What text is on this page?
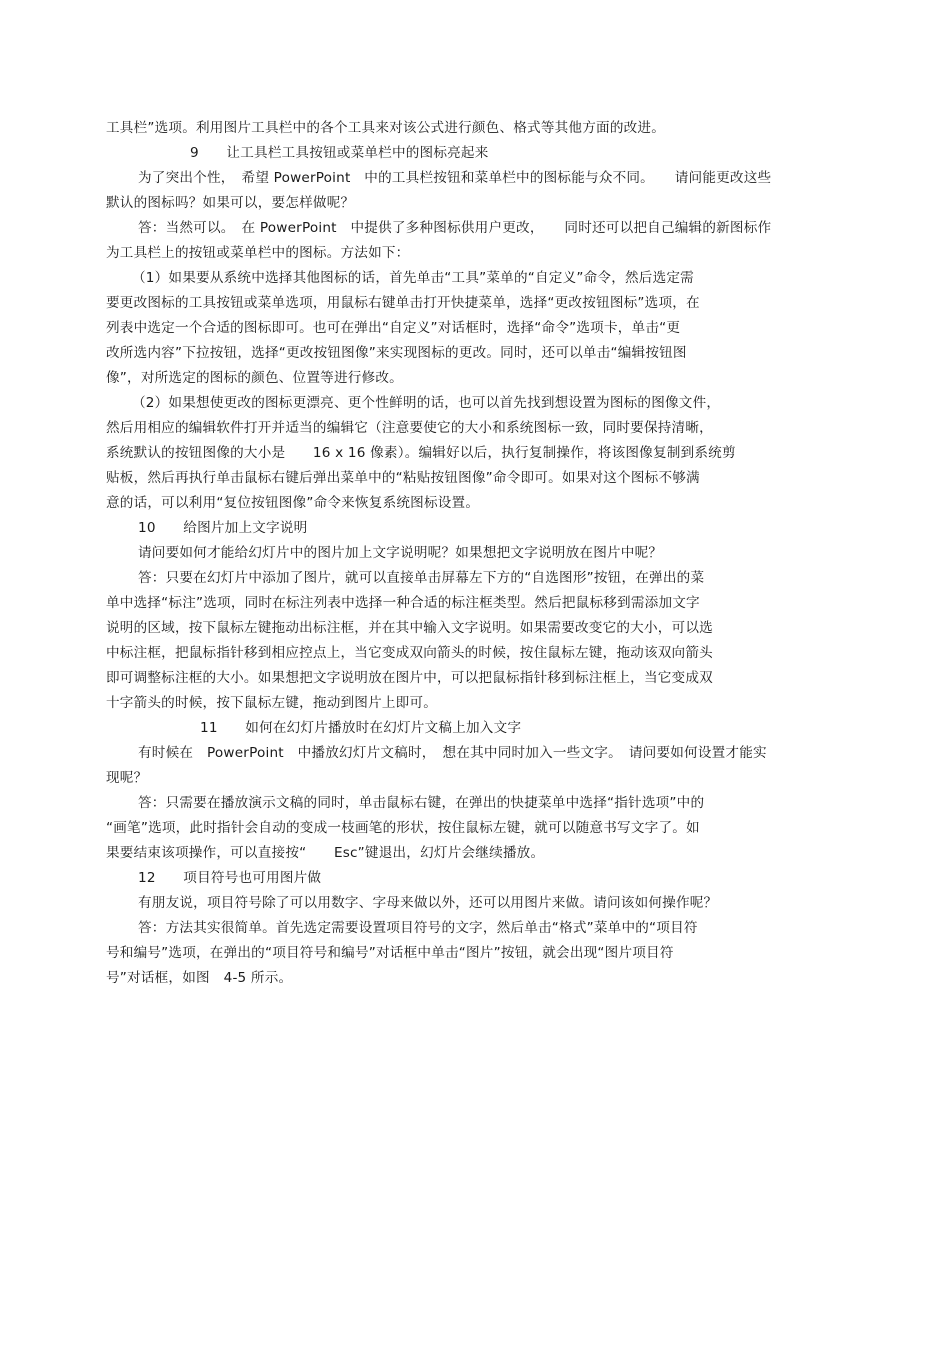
工具栏”选项。利用图片工具栏中的各个工具来对该公式进行颜色、格式等其他方面的改进。
9　　让工具栏工具按钮或菜单栏中的图标亮起来
为了突出个性，　希望 PowerPoint　中的工具栏按钮和菜单栏中的图标能与众不同。　　请问能更改这些
默认的图标吗？如果可以，要怎样做呢？
答：当然可以。　在 PowerPoint　中提供了多种图标供用户更改，　　同时还可以把自己编辑的新图标作
为工具栏上的按钮或菜单栏中的图标。方法如下：
（1）如果要从系统中选择其他图标的话，首先单击“工具”菜单的“自定义”命令，然后选定需
要更改图标的工具按钮或菜单选项，用鼠标右键单击打开快捷菜单，选择“更改按钮图标”选项，在
列表中选定一个合适的图标即可。也可在弹出“自定义”对话框时，选择“命令”选项卡，单击“更
改所选内容”下拉按钮，选择“更改按钮图像”来实现图标的更改。同时，还可以单击“编辑按钮图
像”，对所选定的图标的颜色、位置等进行修改。
（2）如果想使更改的图标更漂亮、更个性鲜明的话，也可以首先找到想设置为图标的图像文件，
然后用相应的编辑软件打开并适当的编辑它（注意要使它的大小和系统图标一致，同时要保持清晰，
系统默认的按钮图像的大小是　　16 x 16 像素）。编辑好以后，执行复制操作，将该图像复制到系统剪
贴板，然后再执行单击鼠标右键后弹出菜单中的“粘贴按钮图像”命令即可。如果对这个图标不够满
意的话，可以利用“复位按钮图像”命令来恢复系统图标设置。
10　　给图片加上文字说明
请问要如何才能给幻灯片中的图片加上文字说明呢？如果想把文字说明放在图片中呢？
答：只要在幻灯片中添加了图片，就可以直接单击屏幕左下方的“自选图形”按钮，在弹出的菜
单中选择“标注”选项，同时在标注列表中选择一种合适的标注框类型。然后把鼠标移到需添加文字
说明的区域，按下鼠标左键拖动出标注框，并在其中输入文字说明。如果需要改变它的大小，可以选
中标注框，把鼠标指针移到相应控点上，当它变成双向箭头的时候，按住鼠标左键，拖动该双向箭头
即可调整标注框的大小。如果想把文字说明放在图片中，可以把鼠标指针移到标注框上，当它变成双
十字箭头的时候，按下鼠标左键，拖动到图片上即可。
11　　如何在幻灯片播放时在幻灯片文稿上加入文字
有时候在　PowerPoint　中播放幻灯片文稿时，　想在其中同时加入一些文字。　请问要如何设置才能实
现呢？
答：只需要在播放演示文稿的同时，单击鼠标右键，在弹出的快捷菜单中选择“指针选项”中的
“画笔”选项，此时指针会自动的变成一枝画笔的形状，按住鼠标左键，就可以随意书写文字了。如
果要结束该项操作，可以直接按“　　Esc”键退出，幻灯片会继续播放。
12　　项目符号也可用图片做
有朋友说，项目符号除了可以用数字、字母来做以外，还可以用图片来做。请问该如何操作呢？
答：方法其实很简单。首先选定需要设置项目符号的文字，然后单击“格式”菜单中的“项目符
号和编号”选项，在弹出的“项目符号和编号”对话框中单击“图片”按钮，就会出现“图片项目符
号”对话框，如图　4-5 所示。
